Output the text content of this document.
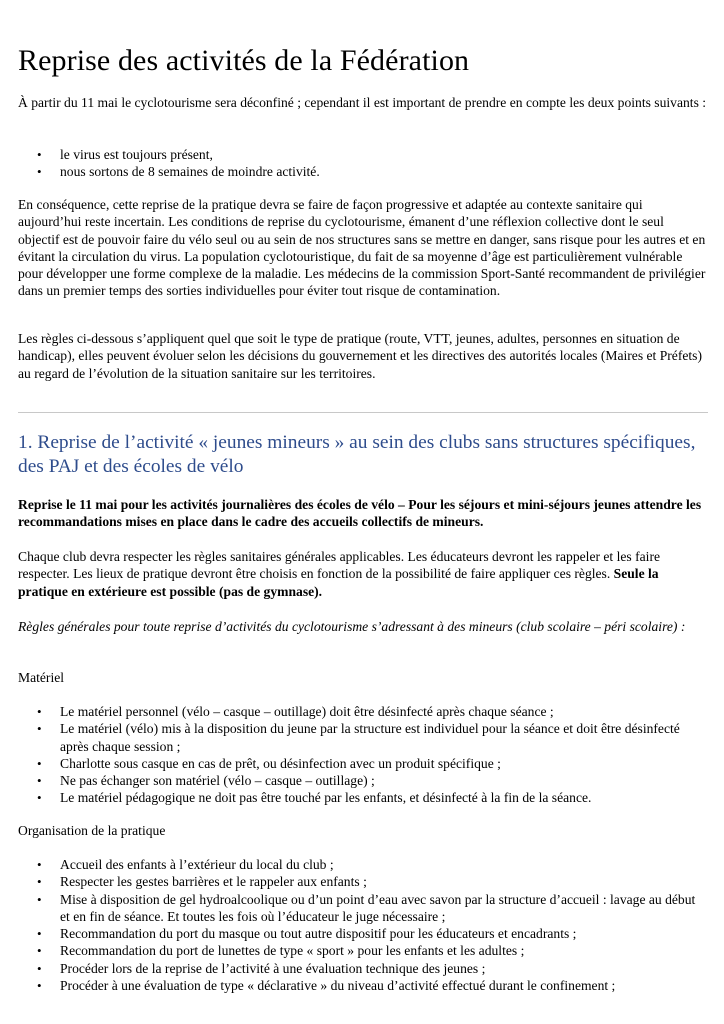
Reprise des activités de la Fédération

À partir du 11 mai le cyclotourisme sera déconfiné ; cependant il est important de prendre en compte les deux points suivants :

• le virus est toujours présent,
• nous sortons de 8 semaines de moindre activité.

En conséquence, cette reprise de la pratique devra se faire de façon progressive et adaptée au contexte sanitaire qui aujourd’hui reste incertain. Les conditions de reprise du cyclotourisme, émanent d’une réflexion collective dont le seul objectif est de pouvoir faire du vélo seul ou au sein de nos structures sans se mettre en danger, sans risque pour les autres et en évitant la circulation du virus. La population cyclotouristique, du fait de sa moyenne d’âge est particulièrement vulnérable pour développer une forme complexe de la maladie. Les médecins de la commission Sport-Santé recommandent de privilégier dans un premier temps des sorties individuelles pour éviter tout risque de contamination.

Les règles ci-dessous s’appliquent quel que soit le type de pratique (route, VTT, jeunes, adultes, personnes en situation de handicap), elles peuvent évoluer selon les décisions du gouvernement et les directives des autorités locales (Maires et Préfets) au regard de l’évolution de la situation sanitaire sur les territoires.

1. Reprise de l’activité « jeunes mineurs » au sein des clubs sans structures spécifiques, des PAJ et des écoles de vélo

Reprise le 11 mai pour les activités journalières des écoles de vélo – Pour les séjours et mini-séjours jeunes attendre les recommandations mises en place dans le cadre des accueils collectifs de mineurs.

Chaque club devra respecter les règles sanitaires générales applicables. Les éducateurs devront les rappeler et les faire respecter. Les lieux de pratique devront être choisis en fonction de la possibilité de faire appliquer ces règles. Seule la pratique en extérieure est possible (pas de gymnase).

Règles générales pour toute reprise d’activités du cyclotourisme s’adressant à des mineurs (club scolaire – péri scolaire) :

Matériel

• Le matériel personnel (vélo – casque – outillage) doit être désinfecté après chaque séance ;
• Le matériel (vélo) mis à la disposition du jeune par la structure est individuel pour la séance et doit être désinfecté après chaque session ;
• Charlotte sous casque en cas de prêt, ou désinfection avec un produit spécifique ;
• Ne pas échanger son matériel (vélo – casque – outillage) ;
• Le matériel pédagogique ne doit pas être touché par les enfants, et désinfecté à la fin de la séance.

Organisation de la pratique

• Accueil des enfants à l’extérieur du local du club ;
• Respecter les gestes barrières et le rappeler aux enfants ;
• Mise à disposition de gel hydroalcoolique ou d’un point d’eau avec savon par la structure d’accueil : lavage au début et en fin de séance. Et toutes les fois où l’éducateur le juge nécessaire ;
• Recommandation du port du masque ou tout autre dispositif pour les éducateurs et encadrants ;
• Recommandation du port de lunettes de type « sport » pour les enfants et les adultes ;
• Procéder lors de la reprise de l’activité à une évaluation technique des jeunes ;
• Procéder à une évaluation de type « déclarative » du niveau d’activité effectué durant le confinement ;
